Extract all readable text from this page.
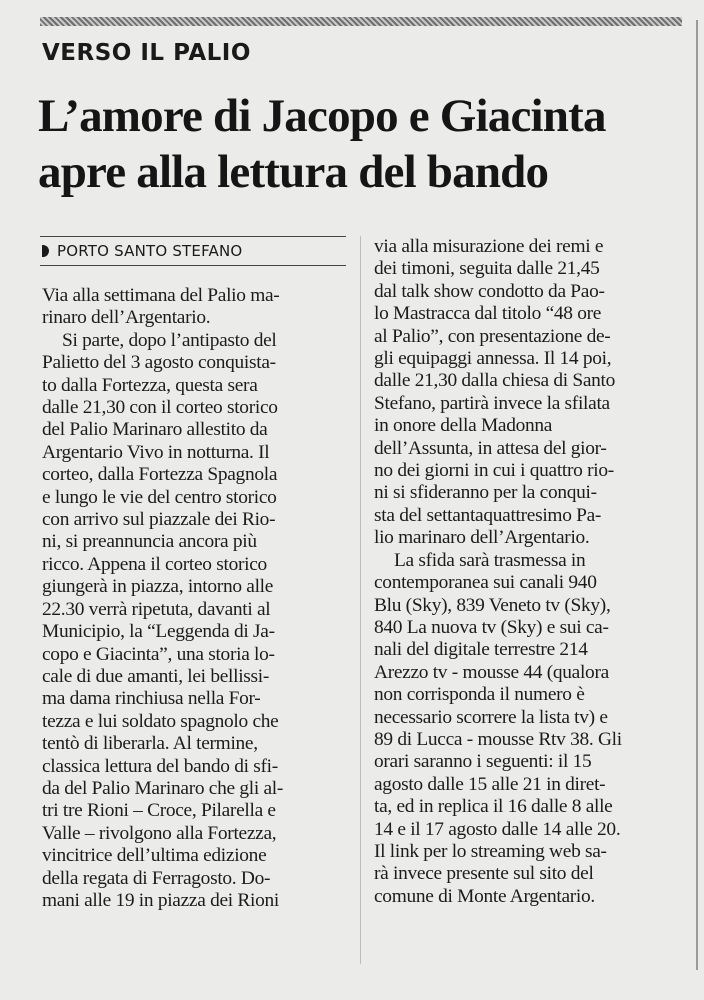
VERSO IL PALIO
L’amore di Jacopo e Giacinta
apre alla lettura del bando
PORTO SANTO STEFANO

Via alla settimana del Palio ma-
rinaro dell’Argentario.

Si parte, dopo l’antipasto del
Palietto del 3 agosto conquista-
to dalla Fortezza, questa sera
dalle 21,30 con il corteo storico
del Palio Marinaro allestito da
Argentario Vivo in notturna. Il
corteo, dalla Fortezza Spagnola
e lungo le vie del centro storico
con arrivo sul piazzale dei Rio-
ni, si preannuncia ancora più
ricco. Appena il corteo storico
giungerà in piazza, intorno alle
22.30 verrà ripetuta, davanti al
Municipio, la “Leggenda di Ja-
copo e Giacinta”, una storia lo-
cale di due amanti, lei bellissi-
ma dama rinchiusa nella For-
tezza e lui soldato spagnolo che
tentò di liberarla. Al termine,
classica lettura del bando di sfi-
da del Palio Marinaro che gli al-
tri tre Rioni – Croce, Pilarella e
Valle – rivolgono alla Fortezza,
vincitrice dell’ultima edizione
della regata di Ferragosto. Do-
mani alle 19 in piazza dei Rioni

via alla misurazione dei remi e
dei timoni, seguita dalle 21,45
dal talk show condotto da Pao-
lo Mastracca dal titolo “48 ore
al Palio”, con presentazione de-
gli equipaggi annessa. Il 14 poi,
dalle 21,30 dalla chiesa di Santo
Stefano, partirà invece la sfilata
in onore della Madonna
dell’Assunta, in attesa del gior-
no dei giorni in cui i quattro rio-
ni si sfideranno per la conqui-
sta del settantaquattresimo Pa-
lio marinaro dell’Argentario.

La sfida sarà trasmessa in
contemporanea sui canali 940
Blu (Sky), 839 Veneto tv (Sky),
840 La nuova tv (Sky) e sui ca-
nali del digitale terrestre 214
Arezzo tv - mousse 44 (qualora
non corrisponda il numero è
necessario scorrere la lista tv) e
89 di Lucca - mousse Rtv 38. Gli
orari saranno i seguenti: il 15
agosto dalle 15 alle 21 in diret-
ta, ed in replica il 16 dalle 8 alle
14 e il 17 agosto dalle 14 alle 20.
Il link per lo streaming web sa-
rà invece presente sul sito del
comune di Monte Argentario.
